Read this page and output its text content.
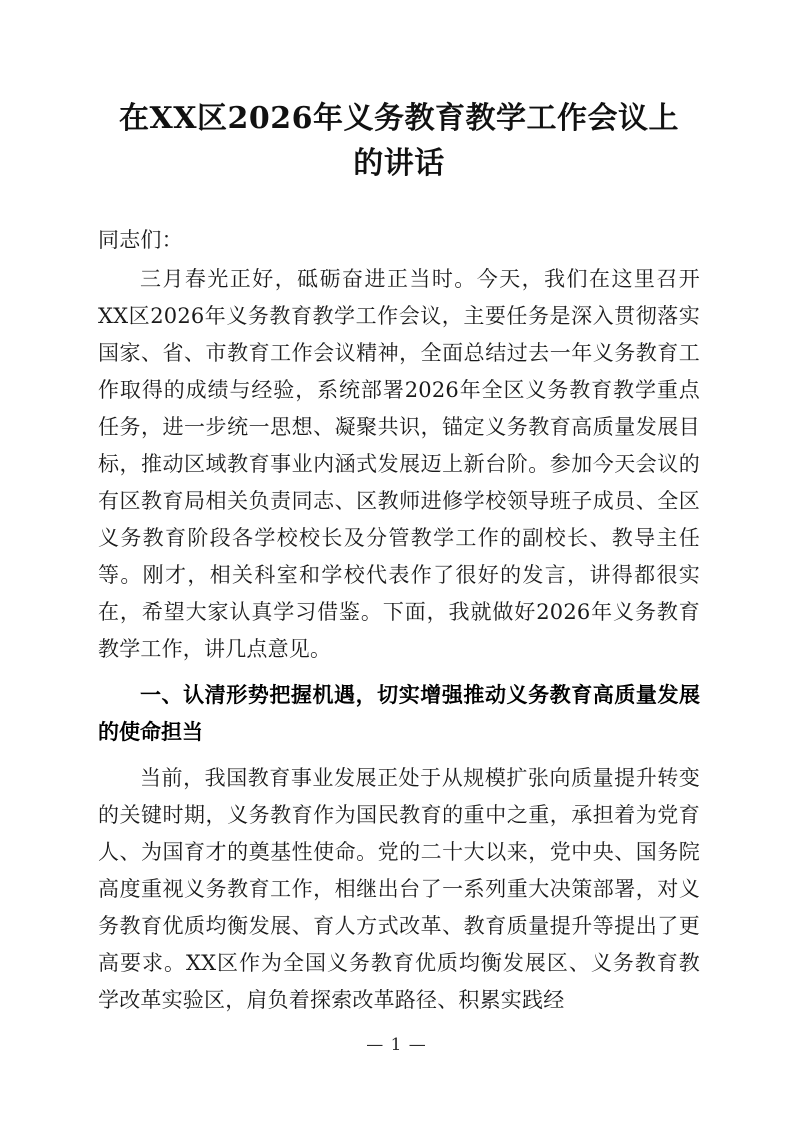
在XX区2026年义务教育教学工作会议上的讲话

同志们：

三月春光正好，砥砺奋进正当时。今天，我们在这里召开XX区2026年义务教育教学工作会议，主要任务是深入贯彻落实国家、省、市教育工作会议精神，全面总结过去一年义务教育工作取得的成绩与经验，系统部署2026年全区义务教育教学重点任务，进一步统一思想、凝聚共识，锚定义务教育高质量发展目标，推动区域教育事业内涵式发展迈上新台阶。参加今天会议的有区教育局相关负责同志、区教师进修学校领导班子成员、全区义务教育阶段各学校校长及分管教学工作的副校长、教导主任等。刚才，相关科室和学校代表作了很好的发言，讲得都很实在，希望大家认真学习借鉴。下面，我就做好2026年义务教育教学工作，讲几点意见。

一、认清形势把握机遇，切实增强推动义务教育高质量发展的使命担当

当前，我国教育事业发展正处于从规模扩张向质量提升转变的关键时期，义务教育作为国民教育的重中之重，承担着为党育人、为国育才的奠基性使命。党的二十大以来，党中央、国务院高度重视义务教育工作，相继出台了一系列重大决策部署，对义务教育优质均衡发展、育人方式改革、教育质量提升等提出了更高要求。XX区作为全国义务教育优质均衡发展区、义务教育教学改革实验区，肩负着探索改革路径、积累实践经

— 1 —
